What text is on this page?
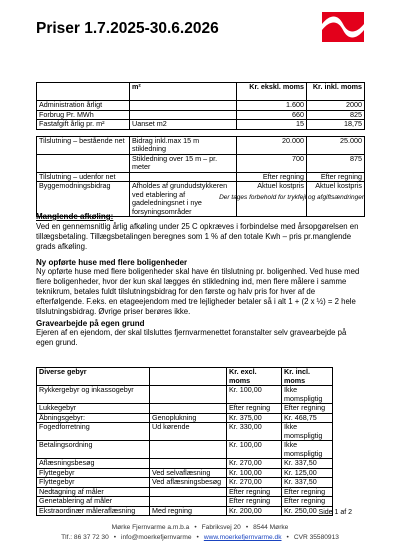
Priser 1.7.2025-30.6.2026
	m²	Kr. ekskl. moms	Kr. inkl. moms
Administration årligt		1.600	2000
Forbrug Pr. MWh		660	825
Fastafgift årlig pr. m²	Uanset m2	15	18,75

Tilslutning – bestående net	Bidrag inkl.max 15 m stikledning	20.000	25.000
	Stikledning over 15 m – pr. meter	700	875
Tilslutning – udenfor net		Efter regning	Efter regning
Byggemodningsbidrag	Afholdes af grundudstykkeren ved etablering af gadeledningsnet i nye forsyningsområder	Aktuel kostpris	Aktuel kostpris
Der tages forbehold for trykfejl og afgiftsændringer
Manglende afkøling:

Ved en gennemsnitlig årlig afkøling under 25 C opkræves i forbindelse med årsopgørelsen en tillægsbetaling. Tillægsbetalingen beregnes som 1 % af den totale Kwh – pris pr.manglende grads afkøling.

Ny opførte huse med flere boligenheder

Ny opførte huse med flere boligenheder skal have én tilslutning pr. boligenhed. Ved huse med flere boligenheder, hvor der kun skal lægges én stikledning ind, men flere målere i samme teknikrum, betales fuldt tilslutningsbidrag for den første og halv pris for hver af de efterfølgende. F.eks. en etageejendom med tre lejligheder betaler så i alt 1 + (2 x ½) = 2 hele tilslutningsbidrag. Øvrige priser berøres ikke.

Gravearbejde på egen grund

Ejeren af en ejendom, der skal tilsluttes fjernvarmenettet foranstalter selv gravearbejde på egen grund.

Diverse gebyr		Kr. excl. moms	Kr. incl. moms
Rykkergebyr og inkassogebyr		Kr. 100,00	Ikke momspligtig
Lukkegebyr		Efter regning	Efter regning
Åbningsgebyr:	Genoplukning	Kr. 375,00	Kr. 468,75
Fogedforretning	Ud kørende	Kr. 330,00	Ikke momspligtig
Betalingsordning		Kr. 100,00	Ikke momspligtig
Aflæsningsbesøg		Kr. 270,00	Kr. 337,50
Flyttegebyr	Ved selvaflæsning	Kr. 100,00	Kr. 125,00
Flyttegebyr	Ved aflæsningsbesøg	Kr. 270,00	Kr. 337,50
Nedtagning af måler		Efter regning	Efter regning
Genetablering af måler		Efter regning	Efter regning
Ekstraordinær måleraflæsning	Med regning	Kr. 200,00	Kr. 250,00 Side 1 af 2
Mørke Fjernvarme a.m.b.a • Fabriksvej 20 • 8544 Mørke
Tlf.: 86 37 72 30 • info@moerkefjernvarme • www.moerkefjernvarme.dk • CVR 35580913
